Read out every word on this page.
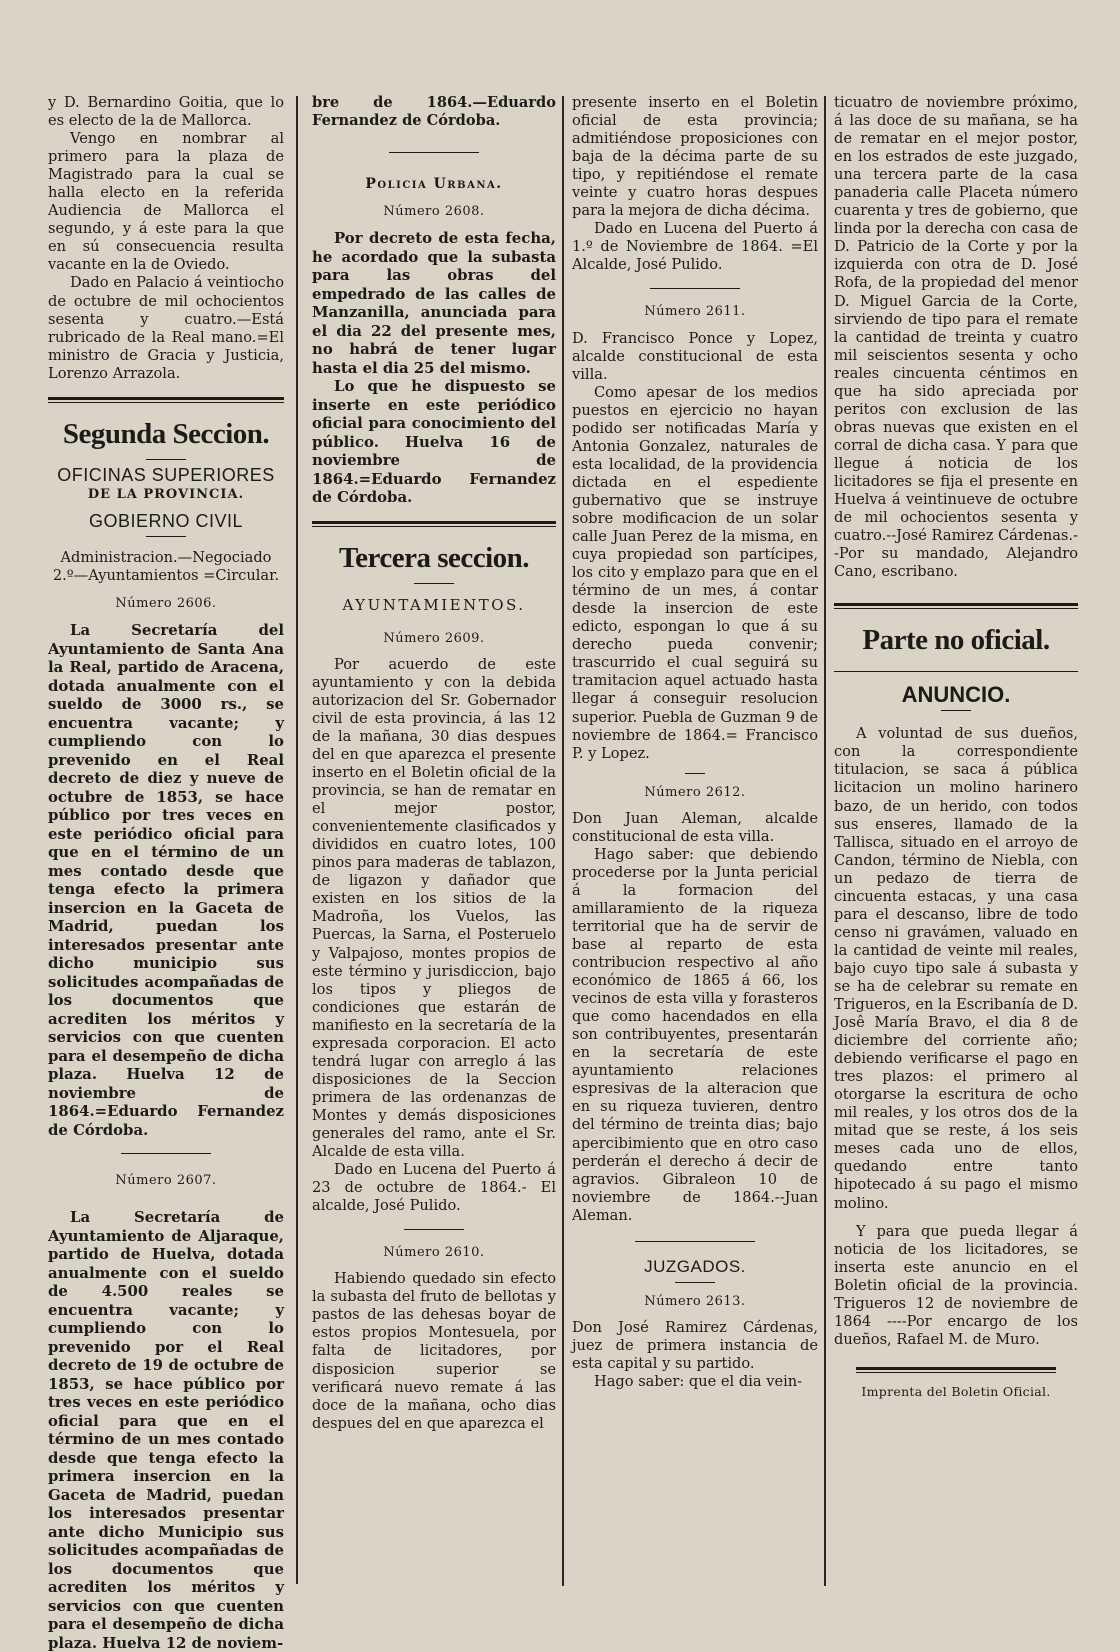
y D. Bernardino Goitia, que lo es electo de la de Mallorca.

Vengo en nombrar al primero para la plaza de Magistrado para la cual se halla electo en la referida Audiencia de Mallorca el segundo, y á este para la que en sú consecuencia resulta vacante en la de Oviedo.

Dado en Palacio á veintiocho de octubre de mil ochocientos sesenta y cuatro.—Está rubricado de la Real mano.=El ministro de Gracia y Justicia, Lorenzo Arrazola.

Segunda Seccion.
OFICINAS SUPERIORES
DE LA PROVINCIA.
GOBIERNO CIVIL

Administracion.—Negociado 2.º—Ayuntamientos =Circular.

Número 2606.

La Secretaría del Ayuntamiento de Santa Ana la Real, partido de Aracena, dotada anualmente con el sueldo de 3000 rs., se encuentra vacante; y cumpliendo con lo prevenido en el Real decreto de diez y nueve de octubre de 1853, se hace público por tres veces en este periódico oficial para que en el término de un mes contado desde que tenga efecto la primera insercion en la Gaceta de Madrid, puedan los interesados presentar ante dicho municipio sus solicitudes acompañadas de los documentos que acrediten los méritos y servicios con que cuenten para el desempeño de dicha plaza. Huelva 12 de noviembre de 1864.=Eduardo Fernandez de Córdoba.

Número 2607.

La Secretaría de Ayuntamiento de Aljaraque, partido de Huelva, dotada anualmente con el sueldo de 4.500 reales se encuentra vacante; y cumpliendo con lo prevenido por el Real decreto de 19 de octubre de 1853, se hace público por tres veces en este periódico oficial para que en el término de un mes contado desde que tenga efecto la primera insercion en la Gaceta de Madrid, puedan los interesados presentar ante dicho Municipio sus solicitudes acompañadas de los documentos que acrediten los méritos y servicios con que cuenten para el desempeño de dicha plaza. Huelva 12 de noviem-

bre de 1864.—Eduardo Fernandez de Córdoba.

Policia Urbana.
Número 2608.

Por decreto de esta fecha, he acordado que la subasta para las obras del empedrado de las calles de Manzanilla, anunciada para el dia 22 del presente mes, no habrá de tener lugar hasta el dia 25 del mismo.

Lo que he dispuesto se inserte en este periódico oficial para conocimiento del público. Huelva 16 de noviembre de 1864.=Eduardo Fernandez de Córdoba.

Tercera seccion.
AYUNTAMIENTOS.
Número 2609.

Por acuerdo de este ayuntamiento y con la debida autorizacion del Sr. Gobernador civil de esta provincia, á las 12 de la mañana, 30 dias despues del en que aparezca el presente inserto en el Boletin oficial de la provincia, se han de rematar en el mejor postor, convenientemente clasificados y divididos en cuatro lotes, 100 pinos para maderas de tablazon, de ligazon y dañador que existen en los sitios de la Madroña, los Vuelos, las Puercas, la Sarna, el Posteruelo y Valpajoso, montes propios de este término y jurisdiccion, bajo los tipos y pliegos de condiciones que estarán de manifiesto en la secretaría de la expresada corporacion. El acto tendrá lugar con arreglo á las disposiciones de la Seccion primera de las ordenanzas de Montes y demás disposiciones generales del ramo, ante el Sr. Alcalde de esta villa.

Dado en Lucena del Puerto á 23 de octubre de 1864.- El alcalde, José Pulido.

Número 2610.

Habiendo quedado sin efecto la subasta del fruto de bellotas y pastos de las dehesas boyar de estos propios Montesuela, por falta de licitadores, por disposicion superior se verificará nuevo remate á las doce de la mañana, ocho dias despues del en que aparezca el

presente inserto en el Boletin oficial de esta provincia; admitiéndose proposiciones con baja de la décima parte de su tipo, y repitiéndose el remate veinte y cuatro horas despues para la mejora de dicha décima.

Dado en Lucena del Puerto á 1.º de Noviembre de 1864. =El Alcalde, José Pulido.

Número 2611.

D. Francisco Ponce y Lopez, alcalde constitucional de esta villa.

Como apesar de los medios puestos en ejercicio no hayan podido ser notificadas María y Antonia Gonzalez, naturales de esta localidad, de la providencia dictada en el espediente gubernativo que se instruye sobre modificacion de un solar calle Juan Perez de la misma, en cuya propiedad son partícipes, los cito y emplazo para que en el término de un mes, á contar desde la insercion de este edicto, espongan lo que á su derecho pueda convenir; trascurrido el cual seguirá su tramitacion aquel actuado hasta llegar á conseguir resolucion superior. Puebla de Guzman 9 de noviembre de 1864.= Francisco P. y Lopez.

Número 2612.

Don Juan Aleman, alcalde constitucional de esta villa.

Hago saber: que debiendo procederse por la Junta pericial á la formacion del amillaramiento de la riqueza territorial que ha de servir de base al reparto de esta contribucion respectivo al año económico de 1865 á 66, los vecinos de esta villa y forasteros que como hacendados en ella son contribuyentes, presentarán en la secretaría de este ayuntamiento relaciones espresivas de la alteracion que en su riqueza tuvieren, dentro del término de treinta dias; bajo apercibimiento que en otro caso perderán el derecho á decir de agravios. Gibraleon 10 de noviembre de 1864.--Juan Aleman.

JUZGADOS.
Número 2613.

Don José Ramirez Cárdenas, juez de primera instancia de esta capital y su partido.

Hago saber: que el dia vein-

ticuatro de noviembre próximo, á las doce de su mañana, se ha de rematar en el mejor postor, en los estrados de este juzgado, una tercera parte de la casa panaderia calle Placeta número cuarenta y tres de gobierno, que linda por la derecha con casa de D. Patricio de la Corte y por la izquierda con otra de D. José Rofa, de la propiedad del menor D. Miguel Garcia de la Corte, sirviendo de tipo para el remate la cantidad de treinta y cuatro mil seiscientos sesenta y ocho reales cincuenta céntimos en que ha sido apreciada por peritos con exclusion de las obras nuevas que existen en el corral de dicha casa. Y para que llegue á noticia de los licitadores se fija el presente en Huelva á veintinueve de octubre de mil ochocientos sesenta y cuatro.--José Ramirez Cárdenas.--Por su mandado, Alejandro Cano, escribano.

Parte no oficial.
ANUNCIO.

A voluntad de sus dueños, con la correspondiente titulacion, se saca á pública licitacion un molino harinero bazo, de un herido, con todos sus enseres, llamado de la Tallisca, situado en el arroyo de Candon, término de Niebla, con un pedazo de tierra de cincuenta estacas, y una casa para el descanso, libre de todo censo ni gravámen, valuado en la cantidad de veinte mil reales, bajo cuyo tipo sale á subasta y se ha de celebrar su remate en Trigueros, en la Escribanía de D. Josê María Bravo, el dia 8 de diciembre del corriente año; debiendo verificarse el pago en tres plazos: el primero al otorgarse la escritura de ocho mil reales, y los otros dos de la mitad que se reste, á los seis meses cada uno de ellos, quedando entre tanto hipotecado á su pago el mismo molino.

Y para que pueda llegar á noticia de los licitadores, se inserta este anuncio en el Boletin oficial de la provincia. Trigueros 12 de noviembre de 1864 ----Por encargo de los dueños, Rafael M. de Muro.

Imprenta del Boletin Oficial.
